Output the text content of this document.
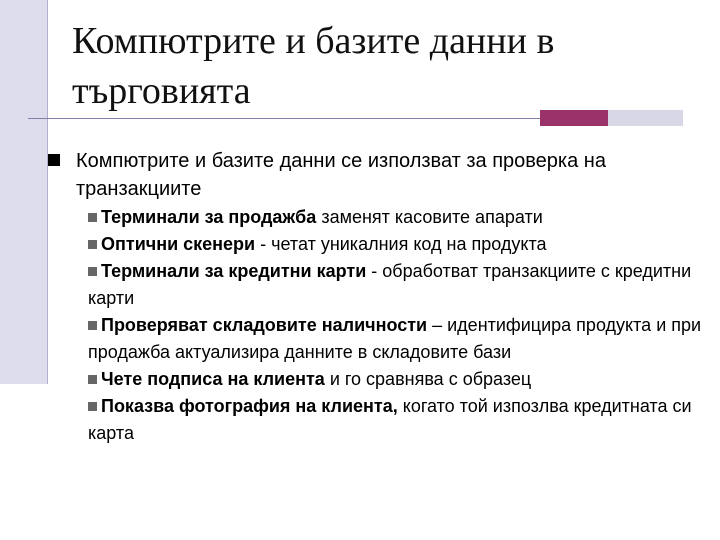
Компютрите и базите данни в
търговията
Компютрите и базите данни се използват за проверка на транзакциите
Терминали за продажба заменят касовите апарати
Оптични скенери - четат уникалния код на продукта
Терминали за кредитни карти - обработват транзакциите с кредитни карти
Проверяват складовите наличности – идентифицира продукта и при продажба актуализира данните в складовите бази
Чете подписа на клиента и го сравнява с образец
Показва фотография на клиента, когато той изпозлва кредитната си карта
